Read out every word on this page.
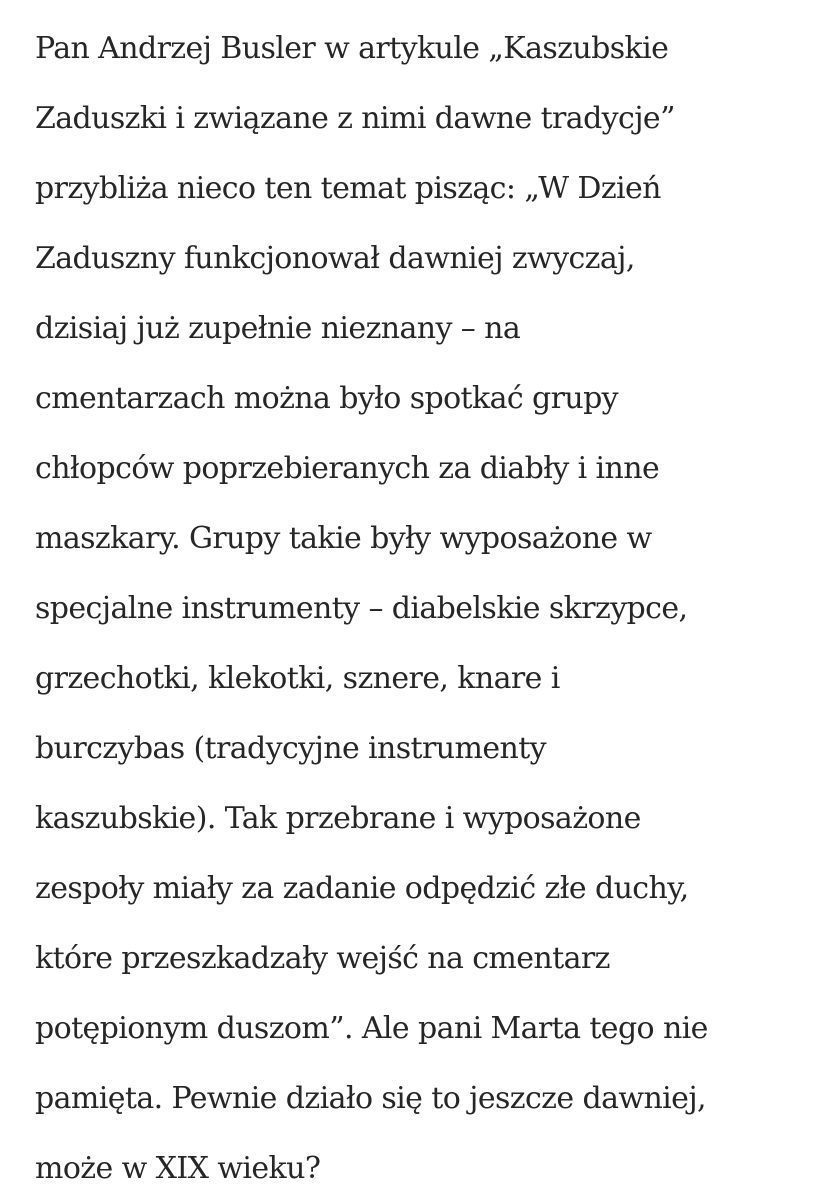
Pan Andrzej Busler w artykule „Kaszubskie

Zaduszki i związane z nimi dawne tradycje”

przybliża nieco ten temat pisząc: „W Dzień

Zaduszny funkcjonował dawniej zwyczaj,

dzisiaj już zupełnie nieznany – na

cmentarzach można było spotkać grupy

chłopców poprzebieranych za diabły i inne

maszkary. Grupy takie były wyposażone w

specjalne instrumenty – diabelskie skrzypce,

grzechotki, klekotki, sznere, knare i

burczybas (tradycyjne instrumenty

kaszubskie). Tak przebrane i wyposażone

zespoły miały za zadanie odpędzić złe duchy,

które przeszkadzały wejść na cmentarz

potępionym duszom”. Ale pani Marta tego nie

pamięta. Pewnie działo się to jeszcze dawniej,

może w XIX wieku?
